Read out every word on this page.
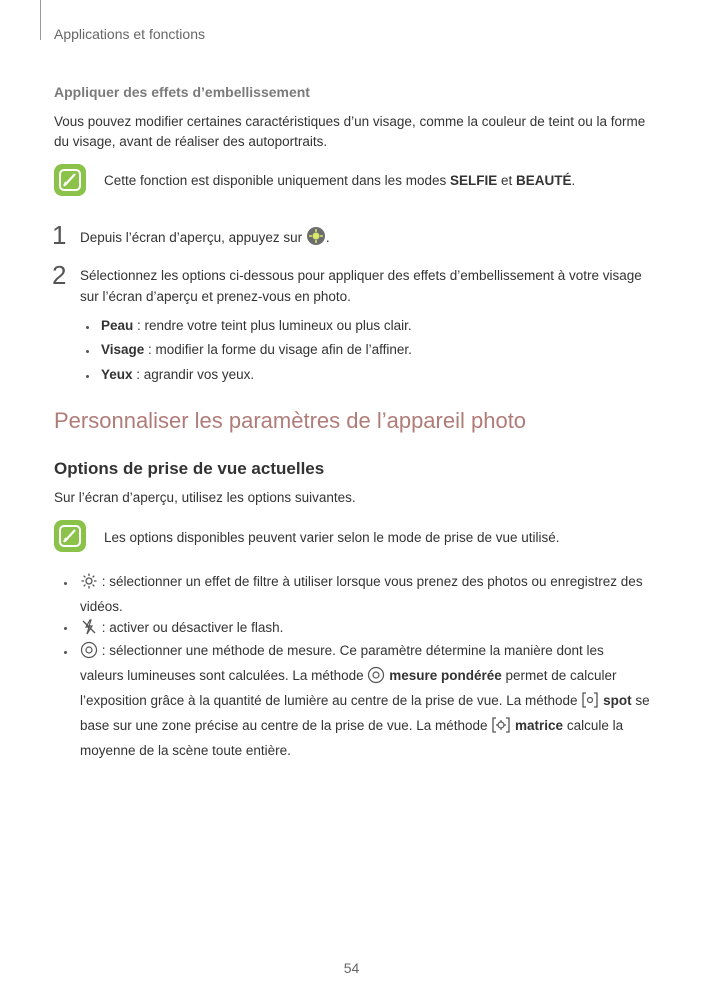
Applications et fonctions
Appliquer des effets d’embellissement
Vous pouvez modifier certaines caractéristiques d’un visage, comme la couleur de teint ou la forme du visage, avant de réaliser des autoportraits.
Cette fonction est disponible uniquement dans les modes SELFIE et BEAUTÉ.
1 Depuis l’écran d’aperçu, appuyez sur .
2 Sélectionnez les options ci-dessous pour appliquer des effets d’embellissement à votre visage sur l’écran d’aperçu et prenez-vous en photo.
Peau : rendre votre teint plus lumineux ou plus clair.
Visage : modifier la forme du visage afin de l’affiner.
Yeux : agrandir vos yeux.
Personnaliser les paramètres de l’appareil photo
Options de prise de vue actuelles
Sur l’écran d’aperçu, utilisez les options suivantes.
Les options disponibles peuvent varier selon le mode de prise de vue utilisé.
: sélectionner un effet de filtre à utiliser lorsque vous prenez des photos ou enregistrez des vidéos.
: activer ou désactiver le flash.
: sélectionner une méthode de mesure. Ce paramètre détermine la manière dont les valeurs lumineuses sont calculées. La méthode  mesure pondérée permet de calculer l’exposition grâce à la quantité de lumière au centre de la prise de vue. La méthode  spot se base sur une zone précise au centre de la prise de vue. La méthode  matrice calcule la moyenne de la scène toute entière.
54
